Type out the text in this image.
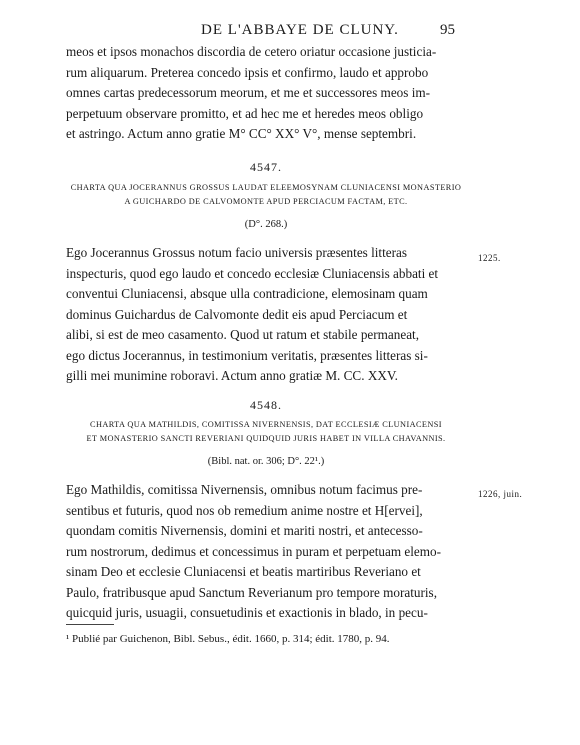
DE L'ABBAYE DE CLUNY.	95
meos et ipsos monachos discordia de cetero oriatur occasione justicia-
rum aliquarum. Preterea concedo ipsis et confirmo, laudo et approbo
omnes cartas predecessorum meorum, et me et successores meos im-
perpetuum observare promitto, et ad hec me et heredes meos obligo
et astringo. Actum anno gratie M° CC° XX° V°, mense septembri.
4547.
CHARTA QUA JOCERANNUS GROSSUS LAUDAT ELEEMOSYNAM CLUNIACENSI MONASTERIO
A GUICHARDO DE CALVOMONTE APUD PERCIACUM FACTAM, ETC.
(D°. 268.)
1225.
Ego Jocerannus Grossus notum facio universis præsentes litteras
inspecturis, quod ego laudo et concedo ecclesiæ Cluniacensis abbati et
conventui Cluniacensi, absque ulla contradicione, elemosinam quam
dominus Guichardus de Calvomonte dedit eis apud Perciacum et
alibi, si est de meo casamento. Quod ut ratum et stabile permaneat,
ego dictus Jocerannus, in testimonium veritatis, præsentes litteras si-
gilli mei munimine roboravi. Actum anno gratiæ M. CC. XXV.
4548.
CHARTA QUA MATHILDIS, COMITISSA NIVERNENSIS, DAT ECCLESIÆ CLUNIACENSI
ET MONASTERIO SANCTI REVERIANI QUIDQUID JURIS HABET IN VILLA CHAVANNIS.
(Bibl. nat. or. 306; D°. 22¹.)
1226, juin.
Ego Mathildis, comitissa Nivernensis, omnibus notum facimus pre-
sentibus et futuris, quod nos ob remedium anime nostre et H[ervei],
quondam comitis Nivernensis, domini et mariti nostri, et antecesso-
rum nostrorum, dedimus et concessimus in puram et perpetuam elemo-
sinam Deo et ecclesie Cluniacensi et beatis martiribus Reveriano et
Paulo, fratribusque apud Sanctum Reverianum pro tempore moraturis,
quicquid juris, usuagii, consuetudinis et exactionis in blado, in pecu-
¹ Publié par Guichenon, Bibl. Sebus., édit. 1660, p. 314; édit. 1780, p. 94.
